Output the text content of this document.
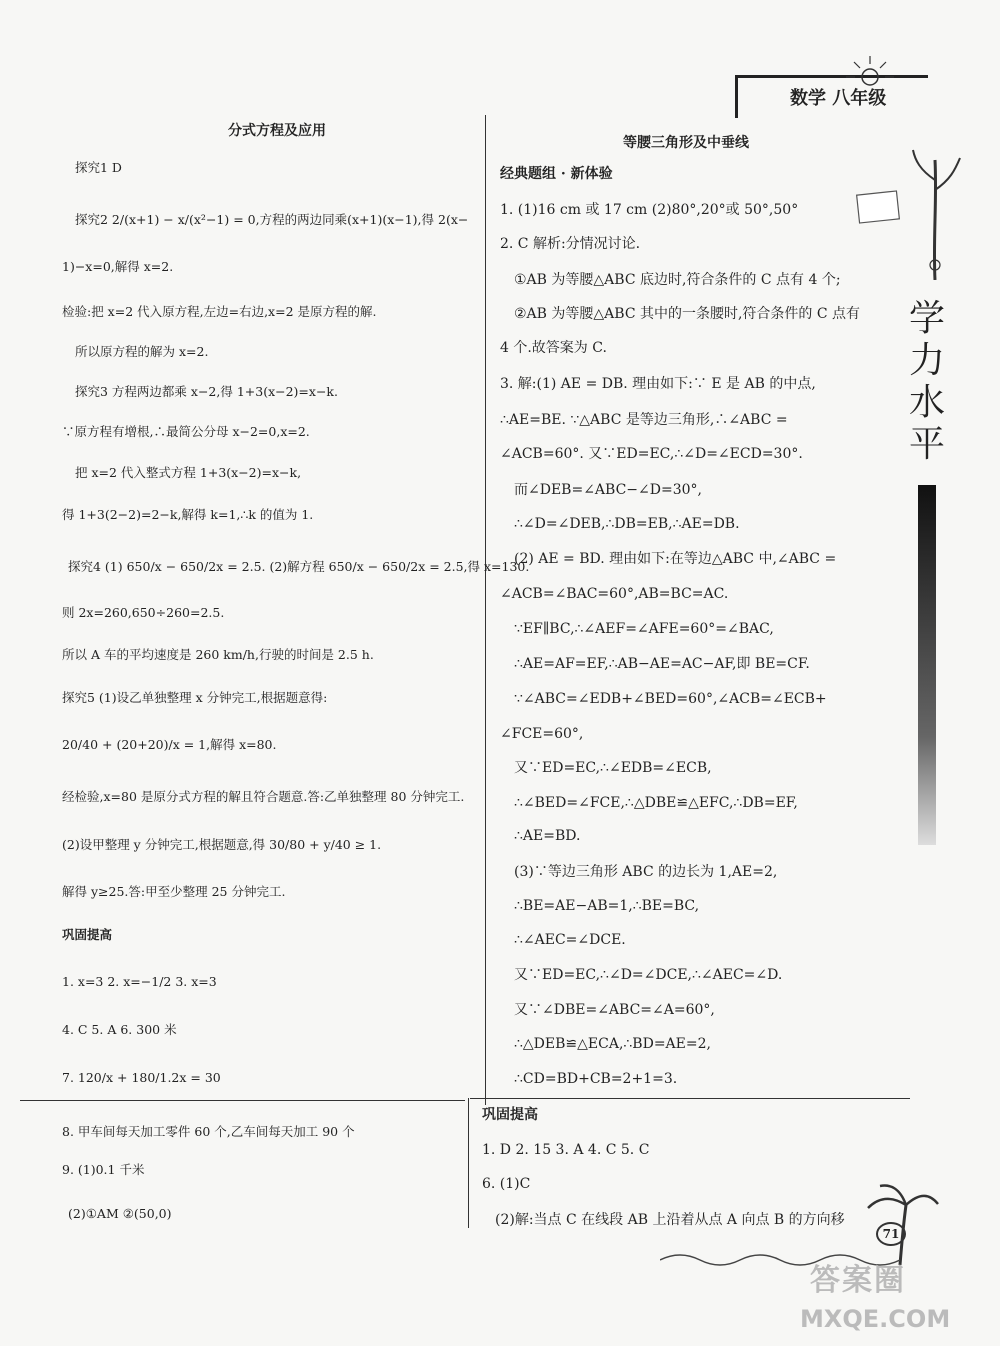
数学 八年级
分式方程及应用
探究1 D
探究2 2/(x+1) − x/(x²−1) = 0,方程的两边同乘(x+1)(x−1),得 2(x−
1)−x=0,解得 x=2.
检验:把 x=2 代入原方程,左边=右边,x=2 是原方程的解.
所以原方程的解为 x=2.
探究3 方程两边都乘 x−2,得 1+3(x−2)=x−k.
∵原方程有增根,∴最简公分母 x−2=0,x=2.
把 x=2 代入整式方程 1+3(x−2)=x−k,
得 1+3(2−2)=2−k,解得 k=1,∴k 的值为 1.
探究4 (1) 650/x − 650/2x = 2.5. (2)解方程 650/x − 650/2x = 2.5,得 x=130.
则 2x=260,650÷260=2.5.
所以 A 车的平均速度是 260 km/h,行驶的时间是 2.5 h.
探究5 (1)设乙单独整理 x 分钟完工,根据题意得:
20/40 + (20+20)/x = 1,解得 x=80.
经检验,x=80 是原分式方程的解且符合题意.答:乙单独整理 80 分钟完工.
(2)设甲整理 y 分钟完工,根据题意,得 30/80 + y/40 ≥ 1.
解得 y≥25.答:甲至少整理 25 分钟完工.
巩固提高
1. x=3 2. x=−1/2 3. x=3
4. C 5. A 6. 300 米
7. 120/x + 180/1.2x = 30
8. 甲车间每天加工零件 60 个,乙车间每天加工 90 个
9. (1)0.1 千米
(2)①AM ②(50,0)
等腰三角形及中垂线
经典题组 · 新体验
1. (1)16 cm 或 17 cm (2)80°,20°或 50°,50°
2. C 解析:分情况讨论.
①AB 为等腰△ABC 底边时,符合条件的 C 点有 4 个;
②AB 为等腰△ABC 其中的一条腰时,符合条件的 C 点有
4 个.故答案为 C.
3. 解:(1) AE = DB. 理由如下:∵ E 是 AB 的中点,
∴AE=BE. ∵△ABC 是等边三角形,∴∠ABC =
∠ACB=60°. 又∵ED=EC,∴∠D=∠ECD=30°.
而∠DEB=∠ABC−∠D=30°,
∴∠D=∠DEB,∴DB=EB,∴AE=DB.
(2) AE = BD. 理由如下:在等边△ABC 中,∠ABC =
∠ACB=∠BAC=60°,AB=BC=AC.
∵EF∥BC,∴∠AEF=∠AFE=60°=∠BAC,
∴AE=AF=EF,∴AB−AE=AC−AF,即 BE=CF.
∵∠ABC=∠EDB+∠BED=60°,∠ACB=∠ECB+
∠FCE=60°,
又∵ED=EC,∴∠EDB=∠ECB,
∴∠BED=∠FCE,∴△DBE≌△EFC,∴DB=EF,
∴AE=BD.
(3)∵等边三角形 ABC 的边长为 1,AE=2,
∴BE=AE−AB=1,∴BE=BC,
∴∠AEC=∠DCE.
又∵ED=EC,∴∠D=∠DCE,∴∠AEC=∠D.
又∵∠DBE=∠ABC=∠A=60°,
∴△DEB≌△ECA,∴BD=AE=2,
∴CD=BD+CB=2+1=3.
巩固提高
1. D 2. 15 3. A 4. C 5. C
6. (1)C
(2)解:当点 C 在线段 AB 上沿着从点 A 向点 B 的方向移
学
力
水
平
71
答案圈
MXQE.COM
